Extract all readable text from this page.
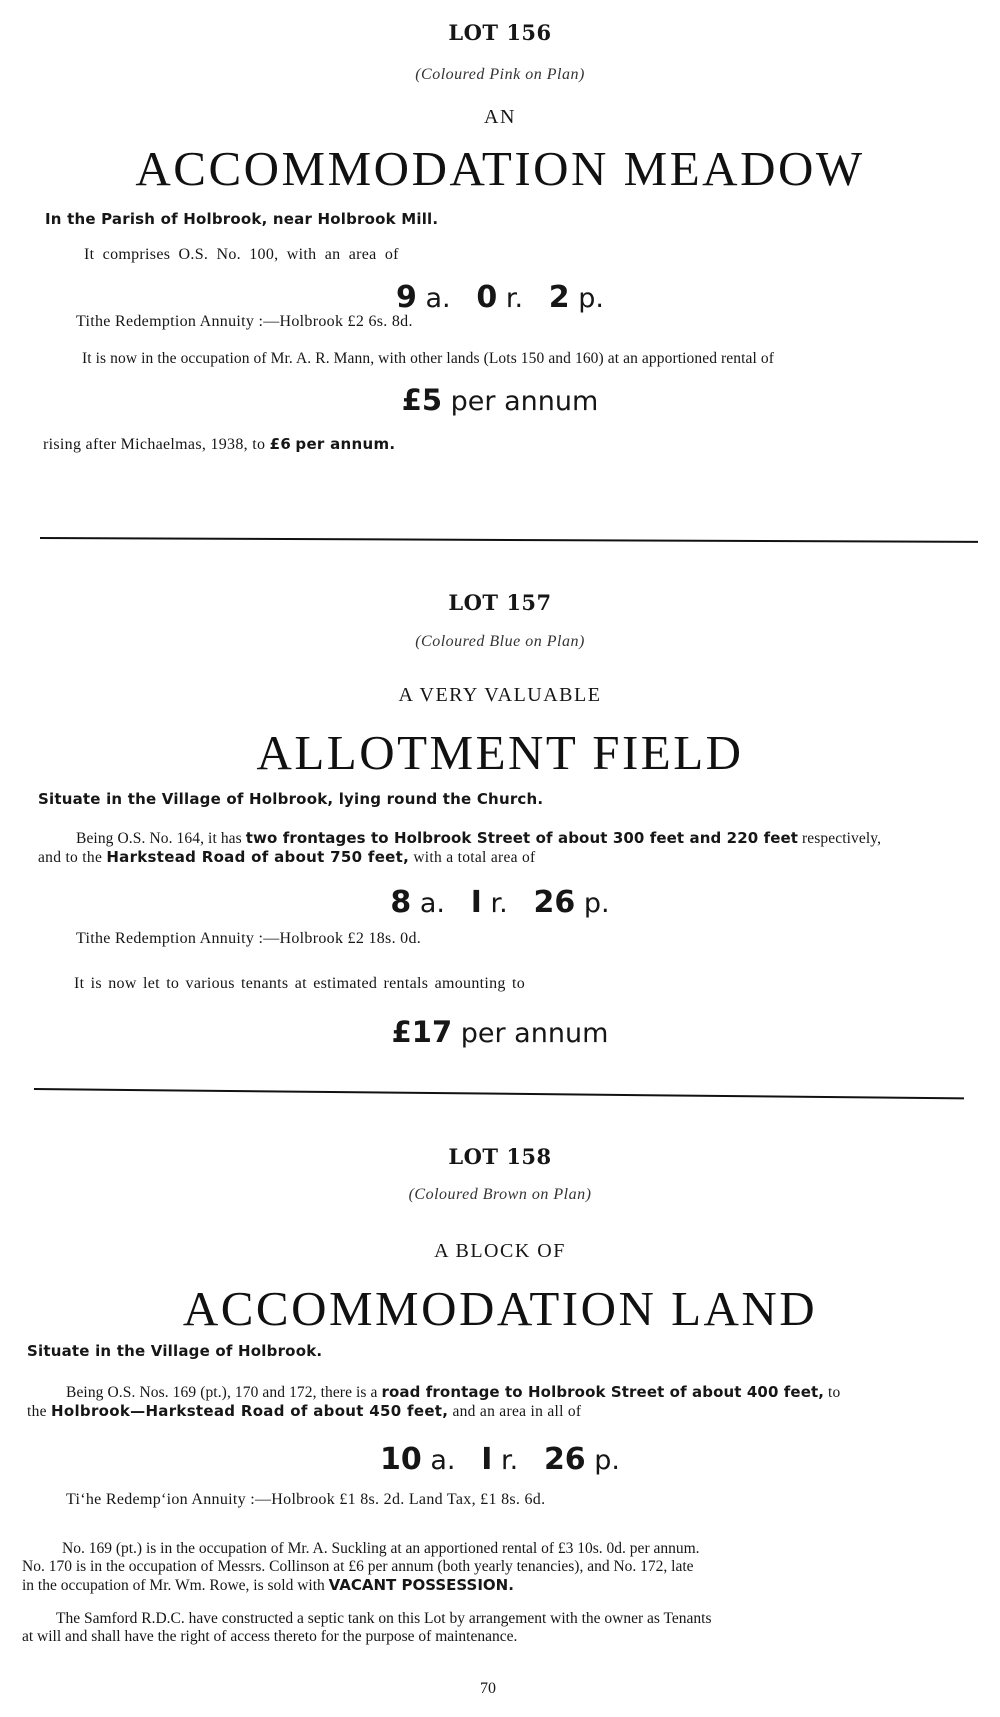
LOT 156
(Coloured Pink on Plan)
AN
ACCOMMODATION MEADOW
In the Parish of Holbrook, near Holbrook Mill.
It comprises O.S. No. 100, with an area of
9 a. 0 r. 2 p.
Tithe Redemption Annuity :—Holbrook £2 6s. 8d.
It is now in the occupation of Mr. A. R. Mann, with other lands (Lots 150 and 160) at an apportioned rental of
£5 per annum
rising after Michaelmas, 1938, to £6 per annum.
LOT 157
(Coloured Blue on Plan)
A VERY VALUABLE
ALLOTMENT FIELD
Situate in the Village of Holbrook, lying round the Church.
Being O.S. No. 164, it has two frontages to Holbrook Street of about 300 feet and 220 feet respectively,
and to the Harkstead Road of about 750 feet, with a total area of
8 a. I r. 26 p.
Tithe Redemption Annuity :—Holbrook £2 18s. 0d.
It is now let to various tenants at estimated rentals amounting to
£17 per annum
LOT 158
(Coloured Brown on Plan)
A BLOCK OF
ACCOMMODATION LAND
Situate in the Village of Holbrook.
Being O.S. Nos. 169 (pt.), 170 and 172, there is a road frontage to Holbrook Street of about 400 feet, to
the Holbrook—Harkstead Road of about 450 feet, and an area in all of
10 a. I r. 26 p.
Ti‘he Redemp‘ion Annuity :—Holbrook £1 8s. 2d. Land Tax, £1 8s. 6d.
No. 169 (pt.) is in the occupation of Mr. A. Suckling at an apportioned rental of £3 10s. 0d. per annum.
No. 170 is in the occupation of Messrs. Collinson at £6 per annum (both yearly tenancies), and No. 172, late
in the occupation of Mr. Wm. Rowe, is sold with VACANT POSSESSION.
The Samford R.D.C. have constructed a septic tank on this Lot by arrangement with the owner as Tenants
at will and shall have the right of access thereto for the purpose of maintenance.
70
